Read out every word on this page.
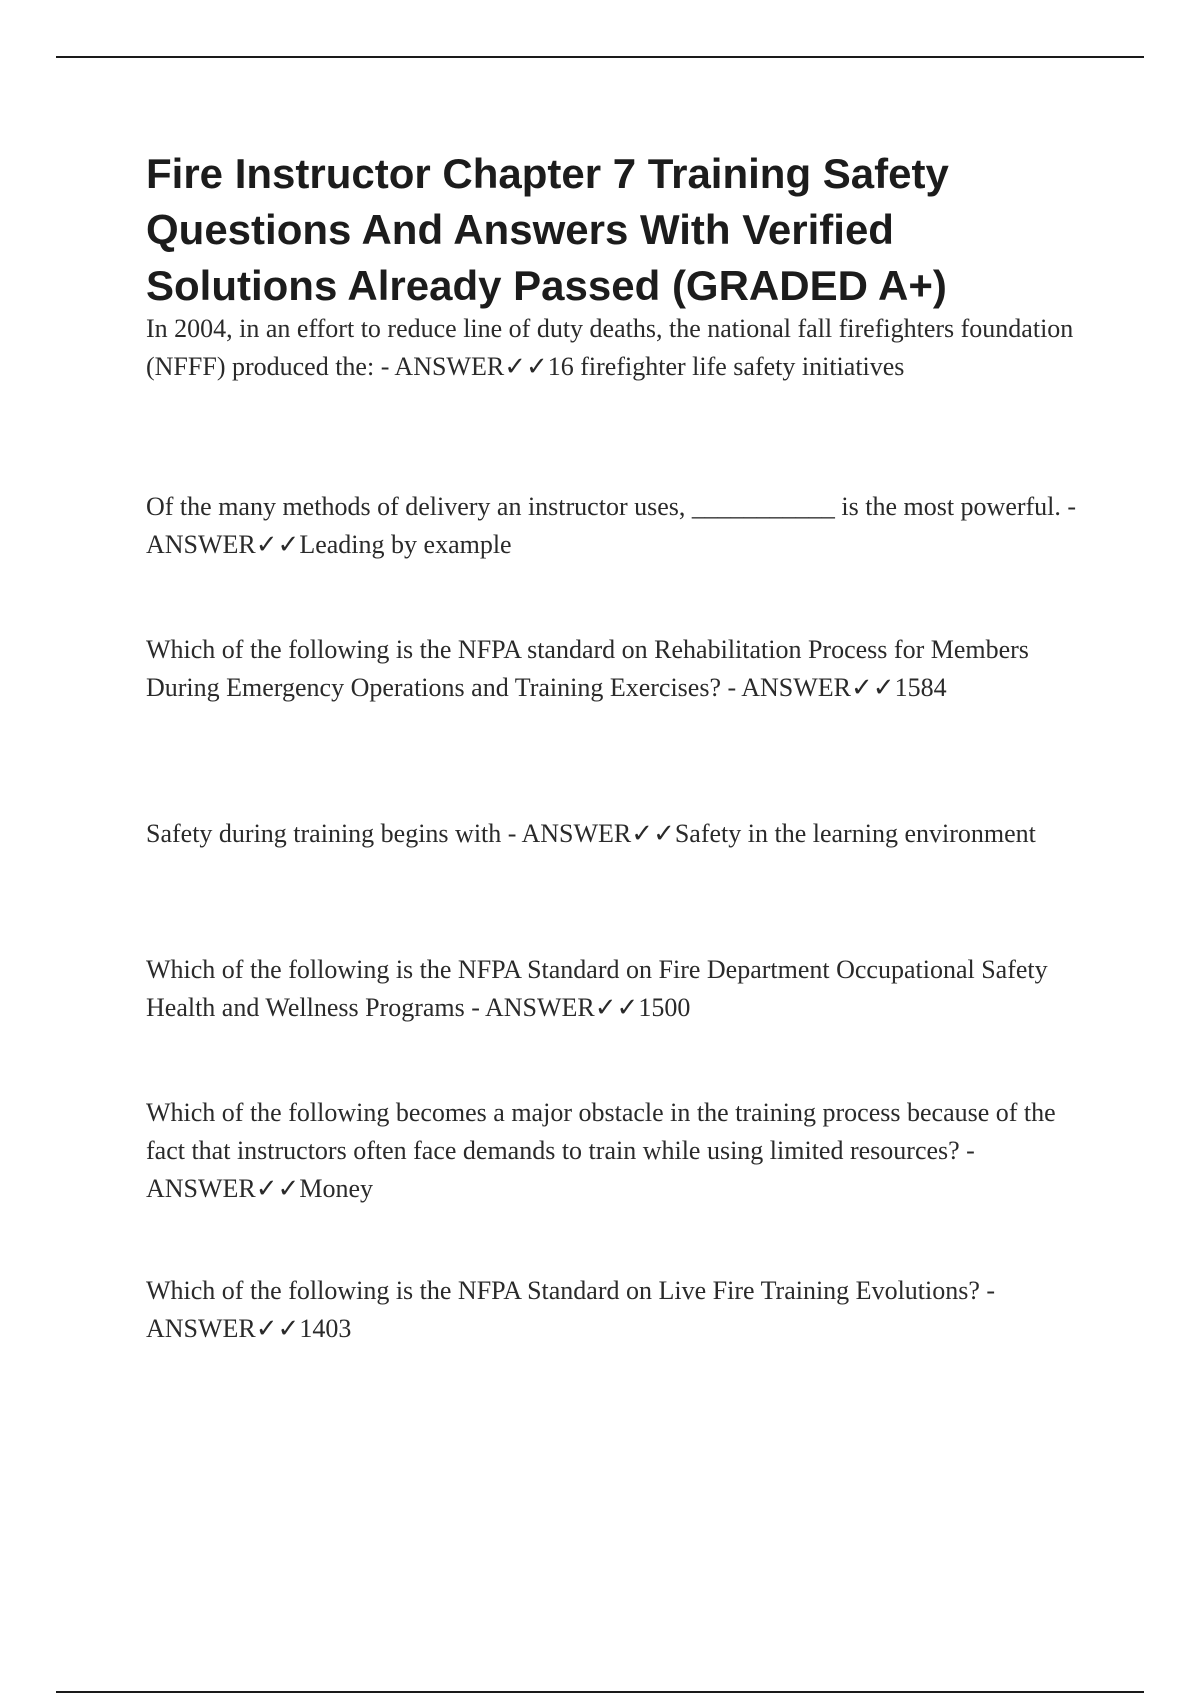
Fire Instructor Chapter 7 Training Safety Questions And Answers With Verified Solutions Already Passed (GRADED A+)

In 2004, in an effort to reduce line of duty deaths, the national fall firefighters foundation (NFFF) produced the: - ANSWER✓✓16 firefighter life safety initiatives

Of the many methods of delivery an instructor uses, ___________ is the most powerful. - ANSWER✓✓Leading by example

Which of the following is the NFPA standard on Rehabilitation Process for Members During Emergency Operations and Training Exercises? - ANSWER✓✓1584

Safety during training begins with - ANSWER✓✓Safety in the learning environment

Which of the following is the NFPA Standard on Fire Department Occupational Safety Health and Wellness Programs - ANSWER✓✓1500

Which of the following becomes a major obstacle in the training process because of the fact that instructors often face demands to train while using limited resources? - ANSWER✓✓Money

Which of the following is the NFPA Standard on Live Fire Training Evolutions? - ANSWER✓✓1403
